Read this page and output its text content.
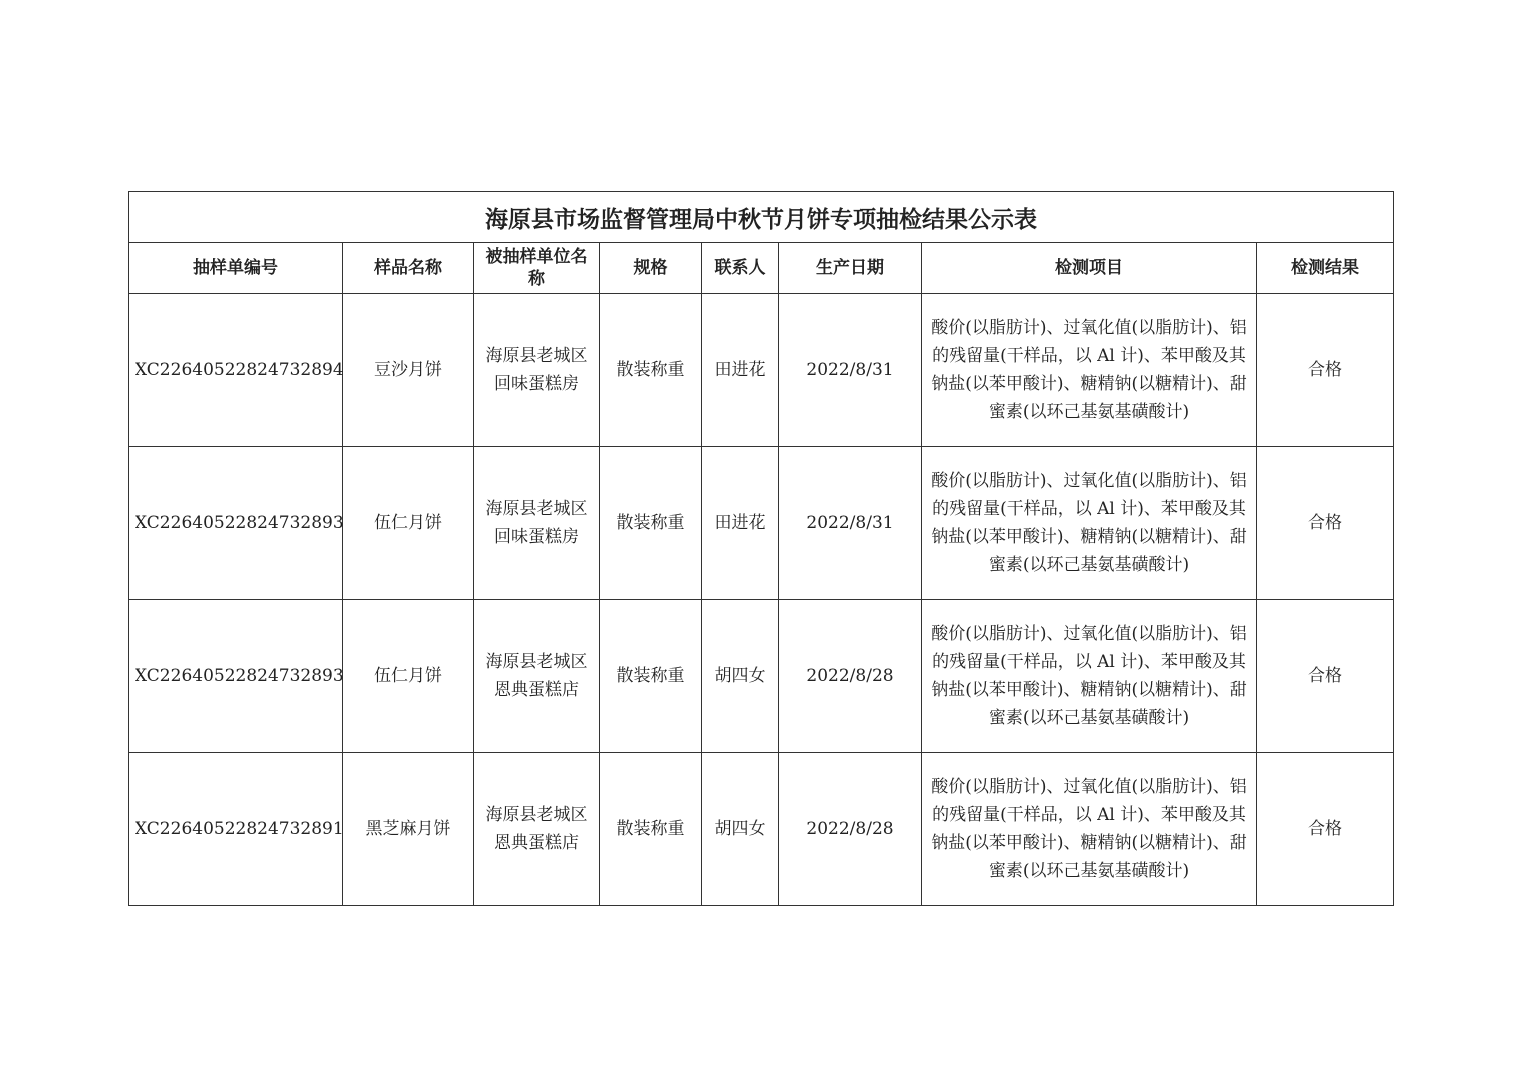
海原县市场监督管理局中秋节月饼专项抽检结果公示表							
抽样单编号	样品名称	被抽样单位名称	规格	联系人	生产日期	检测项目	检测结果
XC22640522824732894	豆沙月饼	海原县老城区回味蛋糕房	散装称重	田进花	2022/8/31	酸价(以脂肪计)、过氧化值(以脂肪计)、铝的残留量(干样品，以 Al 计)、苯甲酸及其钠盐(以苯甲酸计)、糖精钠(以糖精计)、甜蜜素(以环己基氨基磺酸计)	合格
XC22640522824732893	伍仁月饼	海原县老城区回味蛋糕房	散装称重	田进花	2022/8/31	酸价(以脂肪计)、过氧化值(以脂肪计)、铝的残留量(干样品，以 Al 计)、苯甲酸及其钠盐(以苯甲酸计)、糖精钠(以糖精计)、甜蜜素(以环己基氨基磺酸计)	合格
XC22640522824732893	伍仁月饼	海原县老城区恩典蛋糕店	散装称重	胡四女	2022/8/28	酸价(以脂肪计)、过氧化值(以脂肪计)、铝的残留量(干样品，以 Al 计)、苯甲酸及其钠盐(以苯甲酸计)、糖精钠(以糖精计)、甜蜜素(以环己基氨基磺酸计)	合格
XC22640522824732891	黑芝麻月饼	海原县老城区恩典蛋糕店	散装称重	胡四女	2022/8/28	酸价(以脂肪计)、过氧化值(以脂肪计)、铝的残留量(干样品，以 Al 计)、苯甲酸及其钠盐(以苯甲酸计)、糖精钠(以糖精计)、甜蜜素(以环己基氨基磺酸计)	合格
